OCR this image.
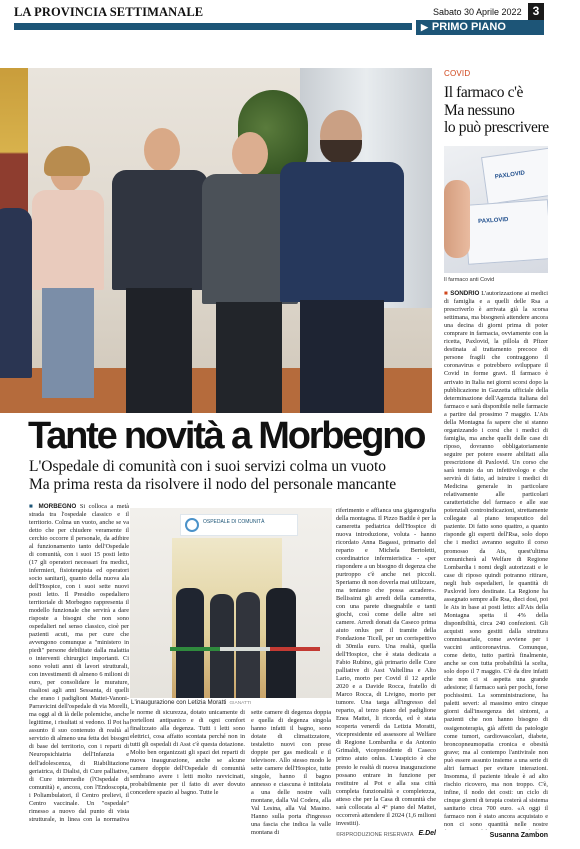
LA PROVINCIA SETTIMANALE	Sabato 30 Aprile 2022 3
▶ PRIMO PIANO
Tante novità a Morbegno
L'Ospedale di comunità con i suoi servizi colma un vuoto
Ma prima resta da risolvere il nodo del personale mancante
■ MORBEGNO Si colloca a metà strada tra l'ospedale classico e il territorio. Colma un vuoto, anche se va detto che per chiudere veramente il cerchio occorre il personale, da adibire al funzionamento tanto dell'Ospedale di comunità, con i suoi 15 posti letto (17 gli operatori necessari fra medici, infermieri, fisioterapista ed operatori socio sanitari), quanto della nuova ala dell'Hospice, con i suoi sette nuovi posti letto. Il Presidio ospedaliero territoriale di Morbegno rappresenta il modello funzionale che servirà a dare risposte a bisogni che non sono ospedalieri nel senso classico, cioè per pazienti acuti, ma per cure che avvengono comunque a "ministero in piedi" persone debilitate dalla malattia o interventi chirurgici importanti. Ci sono voluti anni di lavori strutturali, con investimenti di almeno 6 milioni di euro, per consolidare le murature, risaliosi agli anni Sessanta, di quelli che erano i padiglioni Mattei-Vanoni-Parravicini dell'ospedale di via Morelli, ma oggi al di là delle polemiche, anche legittime, i risultati si vedono. Il Pot ha assunto il suo contenuto di realtà al servizio di almeno una fetta dei bisogni di base del territorio, con i reparti di Neuropsichiatria dell'Infanzia e dell'adolescenza, di Riabilitazione geriatrica, di Dialisi, di Cure palliative, di Cure intermedie (l'Ospedale di comunità) e, ancora, con l'Endoscopia, i Poliambulatori, il Centro prelievi, il Centro vaccinale. Un "ospedale" rimesso a nuovo dal punto di vista strutturale, in linea con la normativa
OSPEDALE DI COMUNITÀ
L'inaugurazione con Letizia Moratti GIANATTI
le norme di sicurezza, dotato unicamente di portelloni antipanico e di ogni comfort finalizzato alla degenza. Tutti i letti sono elettrici, cosa affatto scontata perché non in tutti gli ospedali di Asst c'è questa dotazione. Molto ben organizzati gli spazi dei reparti di nuova inaugurazione, anche se alcune camere doppie dell'Ospedale di comunità sembrano avere i letti molto ravvicinati, probabilmente per il fatto di aver dovuto concedere spazio al bagno. Tutte le
sette camere di degenza doppia e quella di degenza singola hanno infatti il bagno, sono dotate di climatizzatore, testaletto nuovi con prese doppie per gas medicali e il televisore. Allo stesso modo le sette camere dell'Hospice, tutte singole, hanno il bagno annesso e ciascuna è intitolata a una delle nostre valli montane, dalla Val Codera, alla Val Lesina, alla Val Masino. Hanno sulla porta d'ingresso una fascia che indica la valle montana di
riferimento e affianca una giganografia della montagna. Il Pizzo Badile è per la cameretta pediatrica dell'Hospice di nuova introduzione, voluta - hanno ricordato Anna Bagassi, primario del reparto e Michela Bertoletti, coordinatrice infermieristica - «per rispondere a un bisogno di degenza che purtroppo c'è anche nei piccoli. Speriamo di non doverla mai utilizzare, ma teniamo che possa accadere». Bellissimi gli arredi della cameretta, con una parete disegnabile e tanti giochi, così come delle altre sei camere. Arredi donati da Caseco prima aiuto onlus per il tramite della Fondazione Ticell, per un corrispettivo di 30mila euro. Una realtà, quella dell'Hospice, che è stata dedicata a Fabio Rubino, già primario delle Cure palliative di Asst Valtellina e Alto Lario, morto per Covid il 12 aprile 2020 e a Davide Rocca, fratello di Marco Rocca, di Livigno, morto per tumore. Una targa all'ingresso del reparto, al terzo piano del padiglione Enea Mattei, li ricorda, ed è stata scoperta venerdì da Letizia Moratti, vicepresidente ed assessore al Welfare di Regione Lombardia e da Antonio Grimaldi, vicepresidente di Caseco primo aiuto onlus. L'auspicio è che presto le realtà di nuova inaugurazione possano entrare in funzione per restituire al Pot e alla sua città completa funzionalità e completezza, atteso che per la Casa di comunità che sarà collocata al 4° piano del Mattei, occorrerà attendere il 2024 (1,6 milioni investiti).
©RIPRODUZIONE RISERVATA E.Del
COVID
Il farmaco c'è
Ma nessuno
lo può prescrivere
PAXLOVID
PAXLOVID
Il farmaco anti Covid
■ SONDRIO L'autorizzazione ai medici di famiglia e a quelli delle Rsa a prescriverlo è arrivata già la scorsa settimana, ma bisognerà attendere ancora una decina di giorni prima di poter comprare in farmacia, ovviamente con la ricetta, Paxlovid, la pillola di Pfizer destinata al trattamento precoce di persone fragili che contraggono il coronavirus e potrebbero sviluppare il Covid in forme gravi. Il farmaco è arrivato in Italia nei giorni scorsi dopo la pubblicazione in Gazzetta ufficiale della determinazione dell'Agenzia italiana del farmaco e sarà disponibile nelle farmacie a partire dal prossimo 7 maggio. L'Ats della Montagna fa sapere che si stanno organizzando i corsi che i medici di famiglia, ma anche quelli delle case di riposo, dovranno obbligatoriamente seguire per potere essere abilitati alla prescrizione di Paxlovid. Un corso che sarà tenuto da un infettivologo e che servirà di fatto, ad istruire i medici di Medicina generale in particolare relativamente alle particolari caratteristiche del farmaco e alle sue potenziali controindicazioni, strettamente collegate al piano terapeutico del paziente. Di fatto sono quattro, a quanto risponde gli esperti dell'Rsa, solo dopo che i medici avranno seguito il corso promosso da Ats, quest'ultima comunicherà al Welfare di Regione Lombardia i nomi degli autorizzati e le case di riposo quindi potranno ritirare, negli hub ospedalieri, le quantità di Paxlovid loro destinate. La Regione ha assegnato sempre alle Rsa, dieci dosi, poi le Ats in base ai posti letto: all'Ats della Montagna spetta il 4% della disponibilità, circa 240 confezioni. Gli acquisti sono gestiti dalla struttura commissariale, come avviene per i vaccini anticoronavirus. Comunque, come detto, tutto partirà finalmente, anche se con tutta probabilità la scelta, solo dopo il 7 maggio. C'è da dire infatti che non ci si aspetta una grande adesione; il farmaco sarà per pochi, forse pochissimi. La somministrazione, ha paletti severi: al massimo entro cinque giorni dall'insorgenza dei sintomi, a pazienti che non hanno bisogno di ossigenoterapia, già affetti da patologie come tumori, cardiovascolari, diabete, broncopneumopatia cronica e obesità grave; ma al contempo l'antivirale non può essere assunto insieme a una serie di altri farmaci per evitare interazioni. Insomma, il paziente ideale è ad alto rischio ricovero, ma non troppo. C'è, infine, il nodo dei costi: un ciclo di cinque giorni di terapia costerà al sistema sanitario circa 700 euro. «A oggi il farmaco non è stato ancora acquistato e non ci sono quantità nelle nostre
Susanna Zambon
